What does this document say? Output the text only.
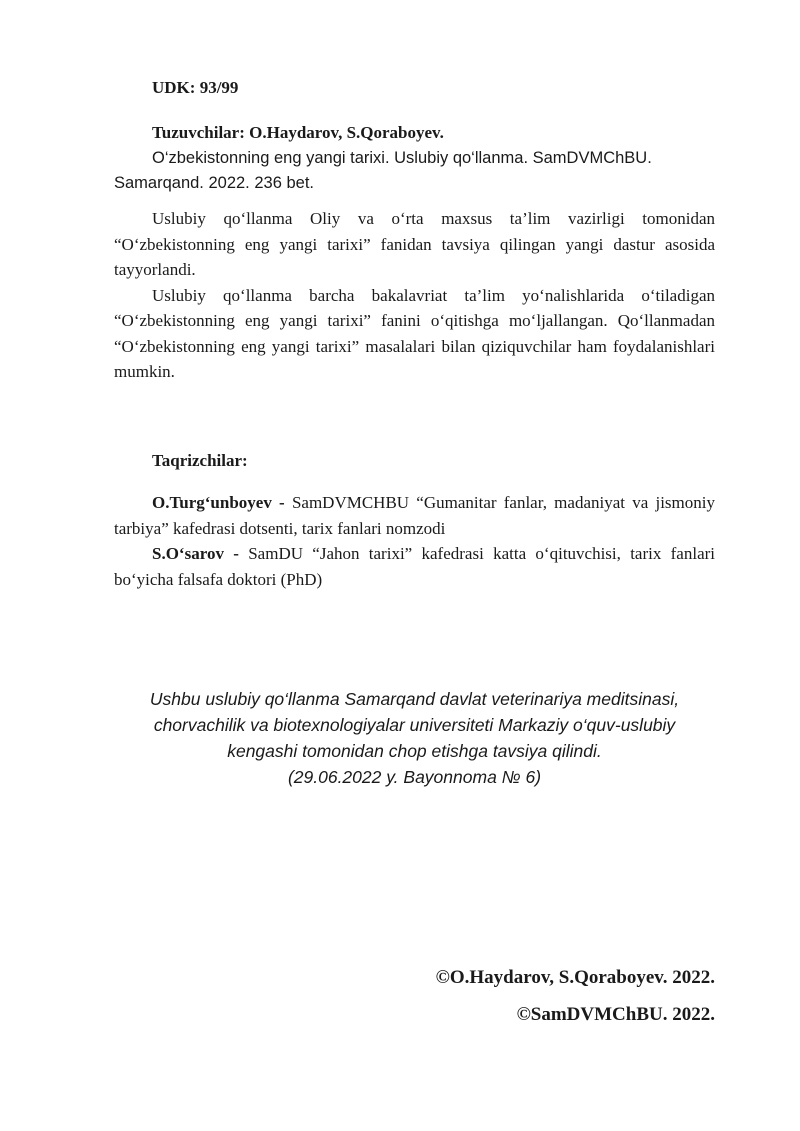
UDK: 93/99

Tuzuvchilar: O.Haydarov, S.Qoraboyev.

O‘zbekistonning eng yangi tarixi. Uslubiy qo‘llanma. SamDVMChBU. Samarqand. 2022. 236 bet.

Uslubiy qo‘llanma Oliy va o‘rta maxsus ta’lim vazirligi tomonidan “O‘zbekistonning eng yangi tarixi” fanidan tavsiya qilingan yangi dastur asosida tayyorlandi.

Uslubiy qo‘llanma barcha bakalavriat ta’lim yo‘nalishlarida o‘tiladigan “O‘zbekistonning eng yangi tarixi” fanini o‘qitishga mo‘ljallangan. Qo‘llanmadan “O‘zbekistonning eng yangi tarixi” masalalari bilan qiziquvchilar ham foydalanishlari mumkin.

Taqrizchilar:

O.Turg‘unboyev - SamDVMCHBU “Gumanitar fanlar, madaniyat va jismoniy tarbiya” kafedrasi dotsenti, tarix fanlari nomzodi

S.O‘sarov - SamDU “Jahon tarixi” kafedrasi katta o‘qituvchisi, tarix fanlari bo‘yicha falsafa doktori (PhD)

Ushbu uslubiy qo‘llanma Samarqand davlat veterinariya meditsinasi,

chorvachilik va biotexnologiyalar universiteti Markaziy o‘quv-uslubiy

kengashi tomonidan chop etishga tavsiya qilindi.

(29.06.2022 y. Bayonnoma № 6)

©O.Haydarov, S.Qoraboyev. 2022.
©SamDVMChBU. 2022.
